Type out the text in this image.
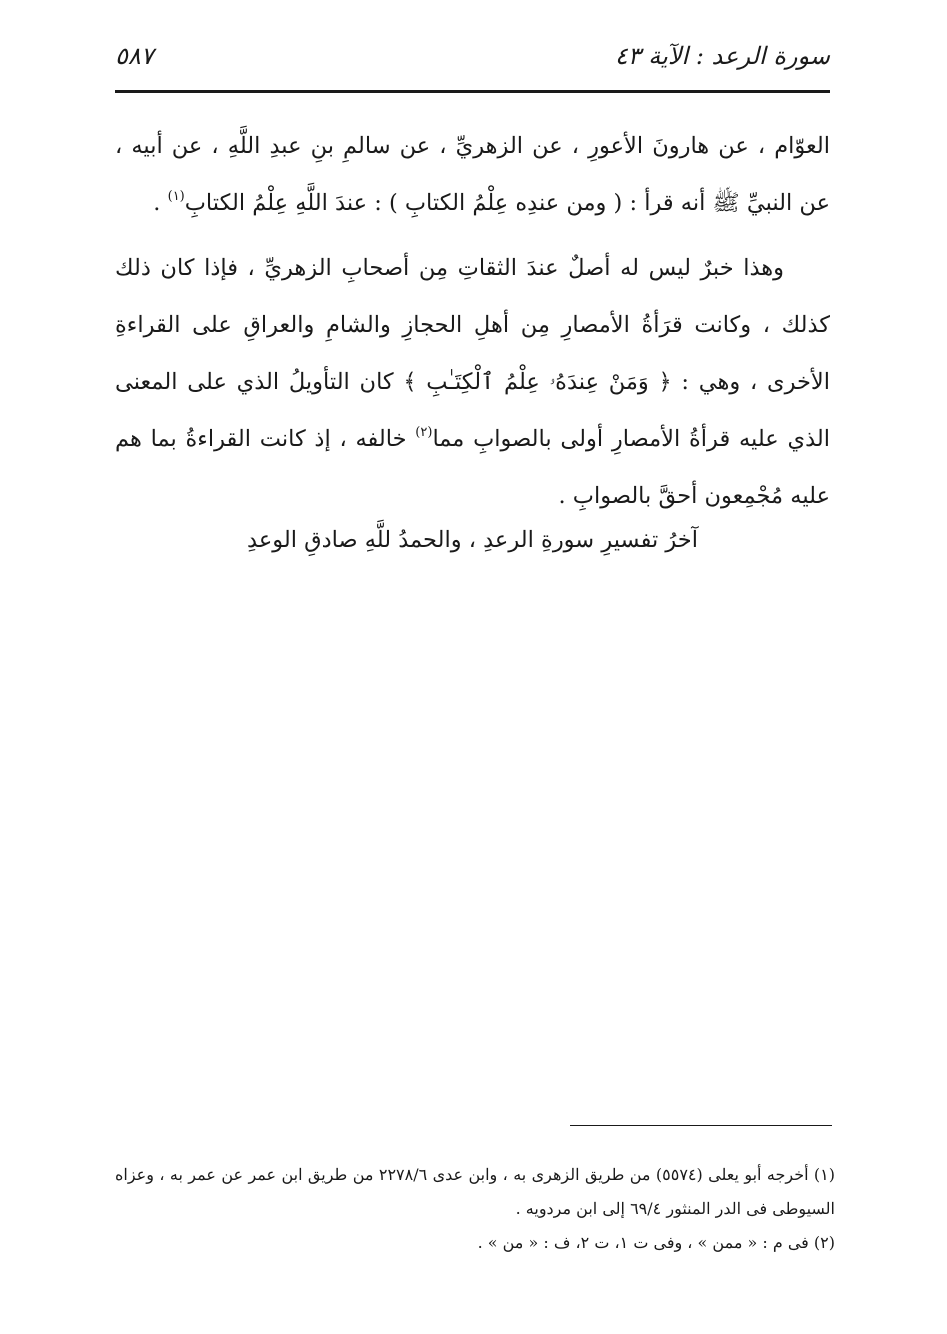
سورة الرعد : الآية ٤٣
٥٨٧

العوّام ، عن هارونَ الأعورِ ، عن الزهريِّ ، عن سالمِ بنِ عبدِ اللَّهِ ، عن أبيه ، عن النبيِّ ﷺ أنه قرأ : ( ومن عندِه عِلْمُ الكتابِ ) : عندَ اللَّهِ عِلْمُ الكتابِ$^{(١)}$ .

وهذا خبرٌ ليس له أصلٌ عندَ الثقاتِ مِن أصحابِ الزهريِّ ، فإذا كان ذلك كذلك ، وكانت قرَأةُ الأمصارِ مِن أهلِ الحجازِ والشامِ والعراقِ على القراءةِ الأخرى ، وهي : ﴿ وَمَنْ عِندَهُۥ عِلْمُ ٱلْكِتَـٰبِ ﴾ كان التأويلُ الذي على المعنى الذي عليه قرأةُ الأمصارِ أولى بالصوابِ مما$^{(٢)}$ خالفه ، إذ كانت القراءةُ بما هم عليه مُجْمِعون أحقَّ بالصوابِ .

آخرُ تفسيرِ سورةِ الرعدِ ، والحمدُ للَّهِ صادقِ الوعدِ

(١) أخرجه أبو يعلى (٥٥٧٤) من طريق الزهرى به ، وابن عدى ٢٢٧٨/٦ من طريق ابن عمر عن عمر به ، وعزاه السيوطى فى الدر المنثور ٦٩/٤ إلى ابن مردويه .

(٢) فى م : « ممن » ، وفى ت ١، ت ٢، ف : « من » .
